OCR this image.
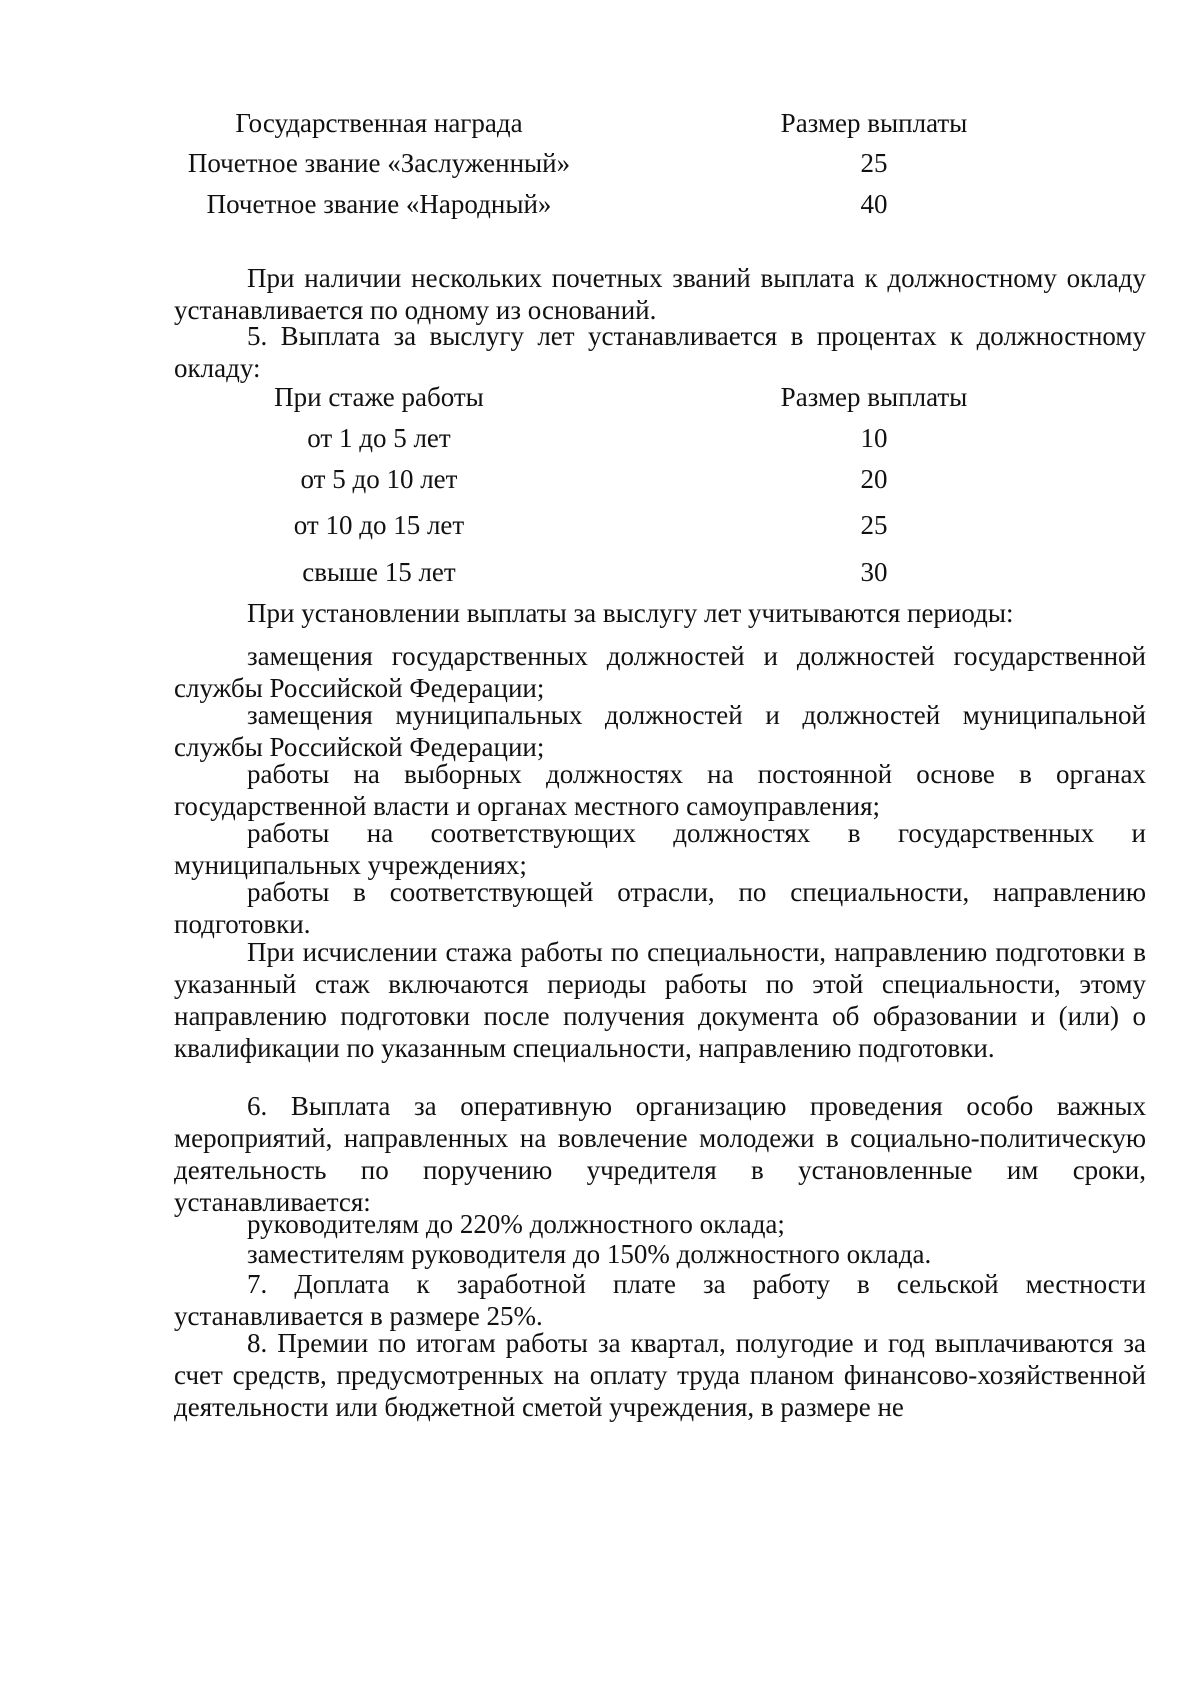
Государственная награда	Размер выплаты
Почетное звание «Заслуженный»	25
Почетное звание «Народный»	40
При наличии нескольких почетных званий выплата к должностному окладу устанавливается по одному из оснований.
5. Выплата за выслугу лет устанавливается в процентах к должностному окладу:
При стаже работы	Размер выплаты
от 1 до 5 лет	10
от 5 до 10 лет	20
от 10 до 15 лет	25
свыше 15 лет	30
При установлении выплаты за выслугу лет учитываются периоды:
замещения государственных должностей и должностей государственной службы Российской Федерации;
замещения муниципальных должностей и должностей муниципальной службы Российской Федерации;
работы на выборных должностях на постоянной основе в органах государственной власти и органах местного самоуправления;
работы на соответствующих должностях в государственных и муниципальных учреждениях;
работы в соответствующей отрасли, по специальности, направлению подготовки.
При исчислении стажа работы по специальности, направлению подготовки в указанный стаж включаются периоды работы по этой специальности, этому направлению подготовки после получения документа об образовании и (или) о квалификации по указанным специальности, направлению подготовки.
6. Выплата за оперативную организацию проведения особо важных мероприятий, направленных на вовлечение молодежи в социально-политическую деятельность по поручению учредителя в установленные им сроки, устанавливается:
руководителям до 220% должностного оклада;
заместителям руководителя до 150% должностного оклада.
7. Доплата к заработной плате за работу в сельской местности устанавливается в размере 25%.
8. Премии по итогам работы за квартал, полугодие и год выплачиваются за счет средств, предусмотренных на оплату труда планом финансово-хозяйственной деятельности или бюджетной сметой учреждения, в размере не
